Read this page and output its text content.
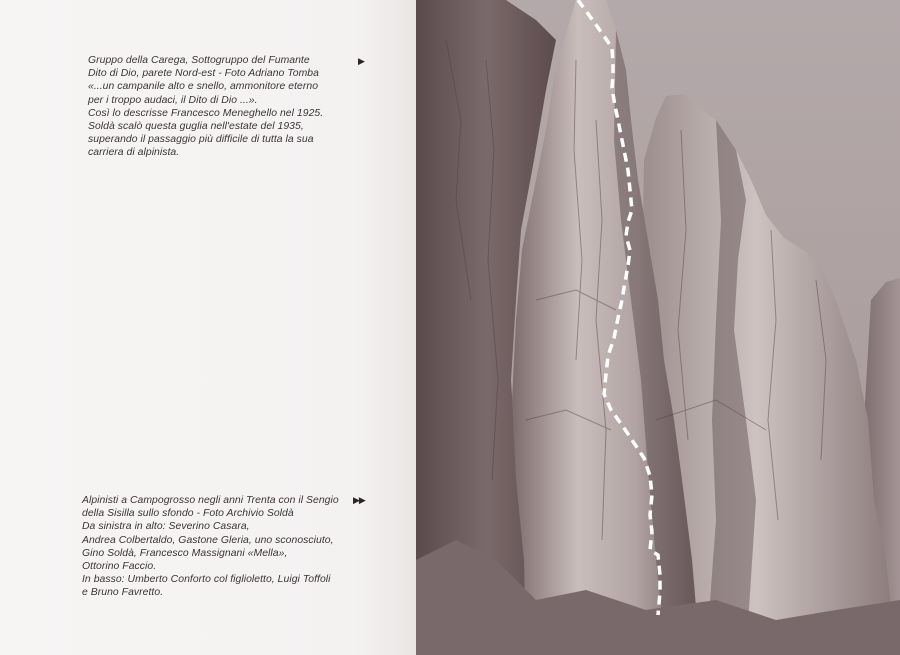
Gruppo della Carega, Sottogruppo del Fumante
Dito di Dio, parete Nord-est - Foto Adriano Tomba
«...un campanile alto e snello, ammonitore eterno
per i troppo audaci, il Dito di Dio ...».
Così lo descrisse Francesco Meneghello nel 1925.
Soldà scalò questa guglia nell'estate del 1935,
superando il passaggio più difficile di tutta la sua
carriera di alpinista.
▶
Alpinisti a Campogrosso negli anni Trenta con il Sengio
della Sisilla sullo sfondo - Foto Archivio Soldà
Da sinistra in alto: Severino Casara,
Andrea Colbertaldo, Gastone Gleria, uno sconosciuto,
Gino Soldà, Francesco Massignani «Mella»,
Ottorino Faccio.
In basso: Umberto Conforto col figlioletto, Luigi Toffoli
e Bruno Favretto.
▶▶
